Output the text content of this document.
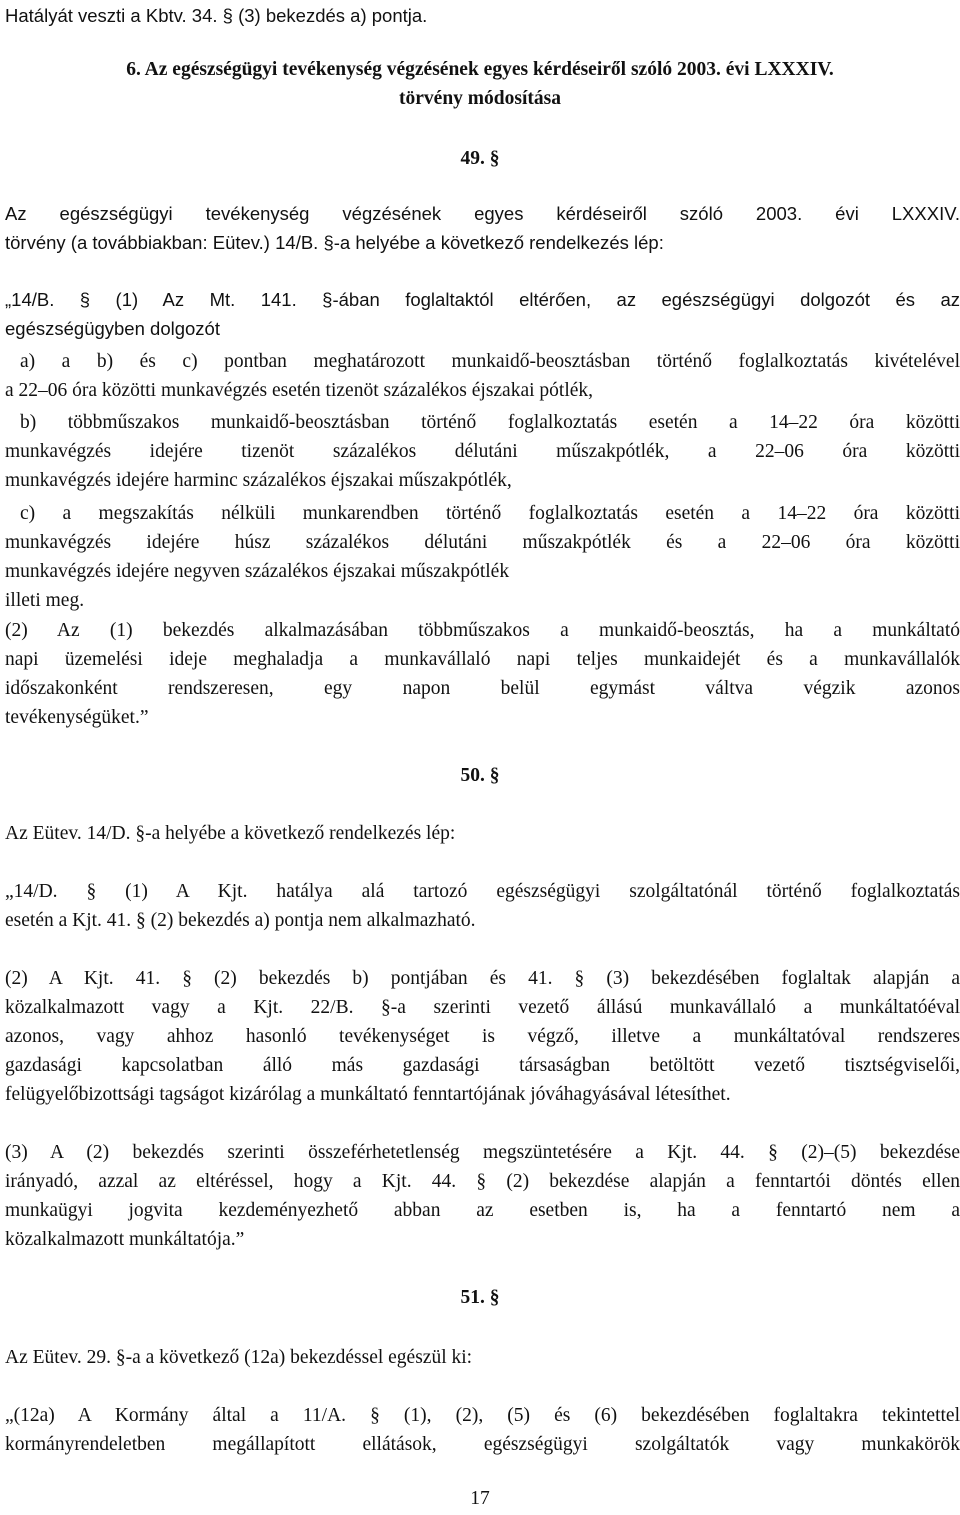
Hatályát veszti a Kbtv. 34. § (3) bekezdés a) pontja.
6. Az egészségügyi tevékenység végzésének egyes kérdéseiről szóló 2003. évi LXXXIV.
törvény módosítása
49. §
Az egészségügyi tevékenység végzésének egyes kérdéseiről szóló 2003. évi LXXXIV.
törvény (a továbbiakban: Eütev.) 14/B. §-a helyébe a következő rendelkezés lép:
„14/B. § (1) Az Mt. 141. §-ában foglaltaktól eltérően, az egészségügyi dolgozót és az
egészségügyben dolgozót
a) a b) és c) pontban meghatározott munkaidő-beosztásban történő foglalkoztatás kivételével
a 22–06 óra közötti munkavégzés esetén tizenöt százalékos éjszakai pótlék,
b) többműszakos munkaidő-beosztásban történő foglalkoztatás esetén a 14–22 óra közötti
munkavégzés idejére tizenöt százalékos délutáni műszakpótlék, a 22–06 óra közötti
munkavégzés idejére harminc százalékos éjszakai műszakpótlék,
c) a megszakítás nélküli munkarendben történő foglalkoztatás esetén a 14–22 óra közötti
munkavégzés idejére húsz százalékos délutáni műszakpótlék és a 22–06 óra közötti
munkavégzés idejére negyven százalékos éjszakai műszakpótlék
illeti meg.
(2) Az (1) bekezdés alkalmazásában többműszakos a munkaidő-beosztás, ha a munkáltató
napi üzemelési ideje meghaladja a munkavállaló napi teljes munkaidejét és a munkavállalók
időszakonként rendszeresen, egy napon belül egymást váltva végzik azonos
tevékenységüket.”
50. §
Az Eütev. 14/D. §-a helyébe a következő rendelkezés lép:
„14/D. § (1) A Kjt. hatálya alá tartozó egészségügyi szolgáltatónál történő foglalkoztatás
esetén a Kjt. 41. § (2) bekezdés a) pontja nem alkalmazható.
(2) A Kjt. 41. § (2) bekezdés b) pontjában és 41. § (3) bekezdésében foglaltak alapján a
közalkalmazott vagy a Kjt. 22/B. §-a szerinti vezető állású munkavállaló a munkáltatóéval
azonos, vagy ahhoz hasonló tevékenységet is végző, illetve a munkáltatóval rendszeres
gazdasági kapcsolatban álló más gazdasági társaságban betöltött vezető tisztségviselői,
felügyelőbizottsági tagságot kizárólag a munkáltató fenntartójának jóváhagyásával létesíthet.
(3) A (2) bekezdés szerinti összeférhetetlenség megszüntetésére a Kjt. 44. § (2)–(5) bekezdése
irányadó, azzal az eltéréssel, hogy a Kjt. 44. § (2) bekezdése alapján a fenntartói döntés ellen
munkaügyi jogvita kezdeményezhető abban az esetben is, ha a fenntartó nem a
közalkalmazott munkáltatója.”
51. §
Az Eütev. 29. §-a a következő (12a) bekezdéssel egészül ki:
„(12a) A Kormány által a 11/A. § (1), (2), (5) és (6) bekezdésében foglaltakra tekintettel
kormányrendeletben megállapított ellátások, egészségügyi szolgáltatók vagy munkakörök
17
